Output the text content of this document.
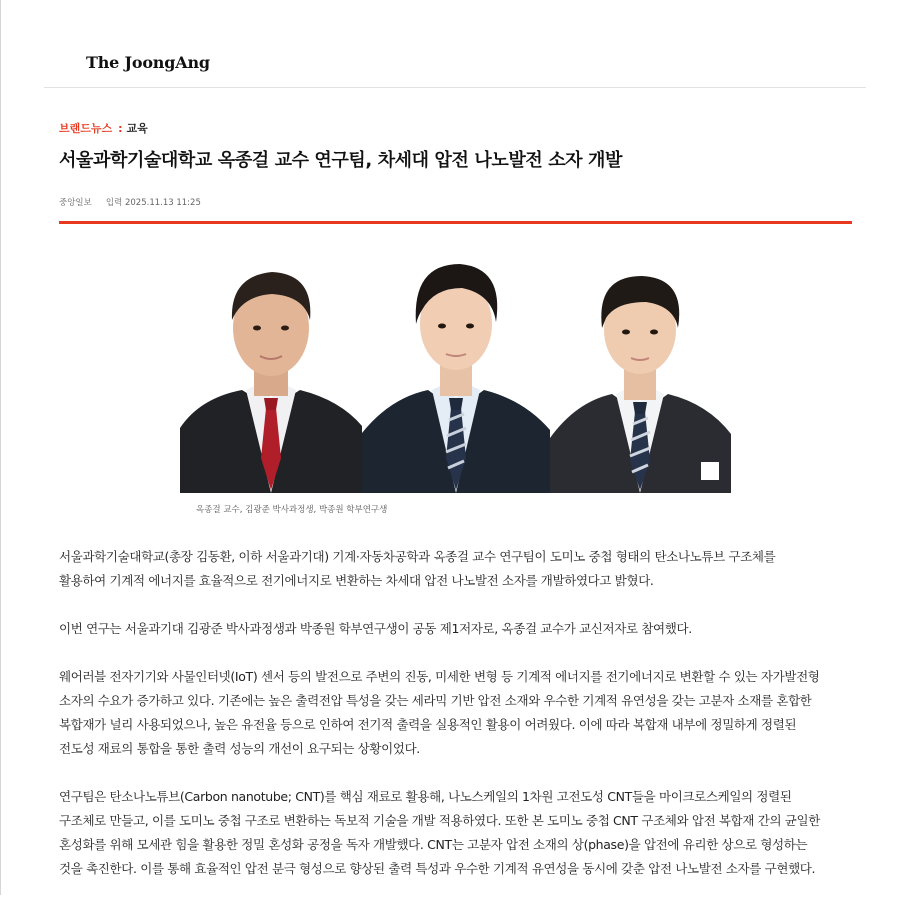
The JoongAng
브랜드뉴스 : 교육
서울과학기술대학교 옥종걸 교수 연구팀, 차세대 압전 나노발전 소자 개발
중앙일보 입력 2025.11.13 11:25
옥종걸 교수, 김광준 박사과정생, 박종원 학부연구생

서울과학기술대학교(총장 김동환, 이하 서울과기대) 기계·자동차공학과 옥종걸 교수 연구팀이 도미노 중첩 형태의 탄소나노튜브 구조체를
활용하여 기계적 에너지를 효율적으로 전기에너지로 변환하는 차세대 압전 나노발전 소자를 개발하였다고 밝혔다.

이번 연구는 서울과기대 김광준 박사과정생과 박종원 학부연구생이 공동 제1저자로, 옥종걸 교수가 교신저자로 참여했다.

웨어러블 전자기기와 사물인터넷(IoT) 센서 등의 발전으로 주변의 진동, 미세한 변형 등 기계적 에너지를 전기에너지로 변환할 수 있는 자가발전형
소자의 수요가 증가하고 있다. 기존에는 높은 출력전압 특성을 갖는 세라믹 기반 압전 소재와 우수한 기계적 유연성을 갖는 고분자 소재를 혼합한
복합재가 널리 사용되었으나, 높은 유전율 등으로 인하여 전기적 출력을 실용적인 활용이 어려웠다. 이에 따라 복합재 내부에 정밀하게 정렬된
전도성 재료의 통합을 통한 출력 성능의 개선이 요구되는 상황이었다.

연구팀은 탄소나노튜브(Carbon nanotube; CNT)를 핵심 재료로 활용해, 나노스케일의 1차원 고전도성 CNT들을 마이크로스케일의 정렬된
구조체로 만들고, 이를 도미노 중첩 구조로 변환하는 독보적 기술을 개발 적용하였다. 또한 본 도미노 중첩 CNT 구조체와 압전 복합재 간의 균일한
혼성화를 위해 모세관 힘을 활용한 정밀 혼성화 공정을 독자 개발했다. CNT는 고분자 압전 소재의 상(phase)을 압전에 유리한 상으로 형성하는
것을 촉진한다. 이를 통해 효율적인 압전 분극 형성으로 향상된 출력 특성과 우수한 기계적 유연성을 동시에 갖춘 압전 나노발전 소자를 구현했다.
